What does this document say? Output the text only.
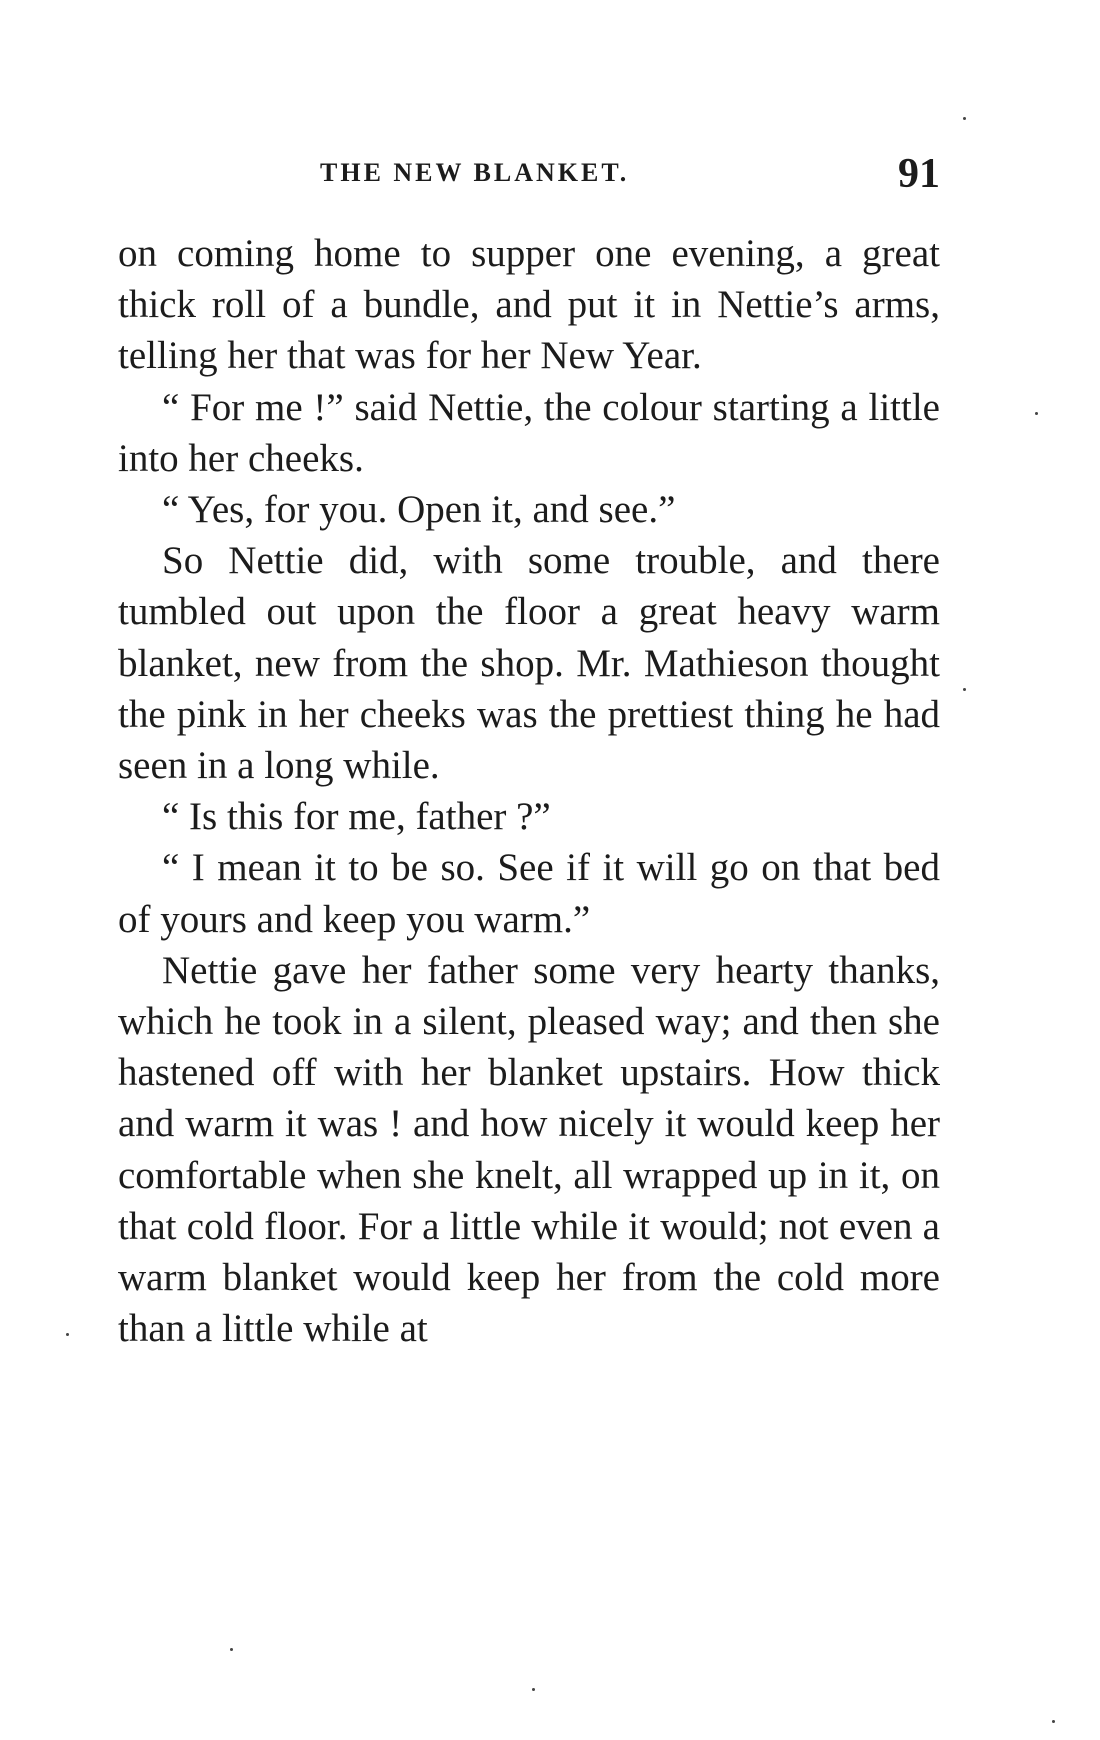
THE NEW BLANKET.	91

on coming home to supper one evening, a great thick roll of a bundle, and put it in Nettie’s arms, telling her that was for her New Year.

“ For me !” said Nettie, the colour starting a little into her cheeks.

“ Yes, for you. Open it, and see.”

So Nettie did, with some trouble, and there tumbled out upon the floor a great heavy warm blanket, new from the shop. Mr. Mathieson thought the pink in her cheeks was the prettiest thing he had seen in a long while.

“ Is this for me, father ?”

“ I mean it to be so. See if it will go on that bed of yours and keep you warm.”

Nettie gave her father some very hearty thanks, which he took in a silent, pleased way; and then she hastened off with her blanket upstairs. How thick and warm it was ! and how nicely it would keep her comfortable when she knelt, all wrapped up in it, on that cold floor. For a little while it would; not even a warm blanket would keep her from the cold more than a little while at
